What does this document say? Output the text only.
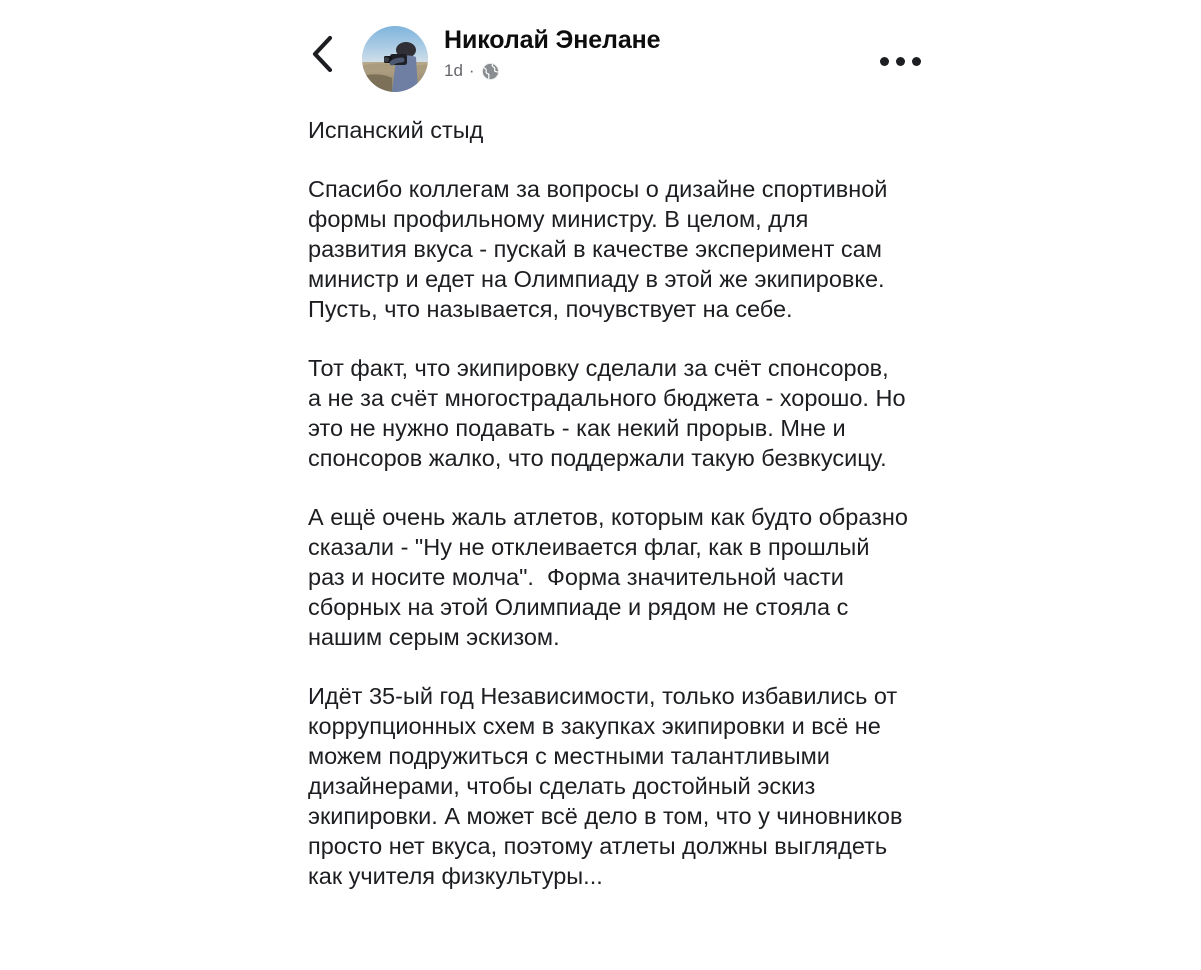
Николай Энелане
1d ·

Испанский стыд

Спасибо коллегам за вопросы о дизайне спортивной формы профильному министру. В целом, для развития вкуса - пускай в качестве эксперимент сам министр и едет на Олимпиаду в этой же экипировке. Пусть, что называется, почувствует на себе.

Тот факт, что экипировку сделали за счёт спонсоров, а не за счёт многострадального бюджета - хорошо. Но это не нужно подавать - как некий прорыв. Мне и спонсоров жалко, что поддержали такую безвкусицу.

А ещё очень жаль атлетов, которым как будто образно  сказали - "Ну не отклеивается флаг, как в прошлый раз и носите молча".  Форма значительной части сборных на этой Олимпиаде и рядом не стояла с нашим серым эскизом.

Идёт 35-ый год Независимости, только избавились от коррупционных схем в закупках экипировки и всё не можем подружиться с местными талантливыми дизайнерами, чтобы сделать достойный эскиз экипировки. А может всё дело в том, что у чиновников просто нет вкуса, поэтому атлеты должны выглядеть как учителя физкультуры...
